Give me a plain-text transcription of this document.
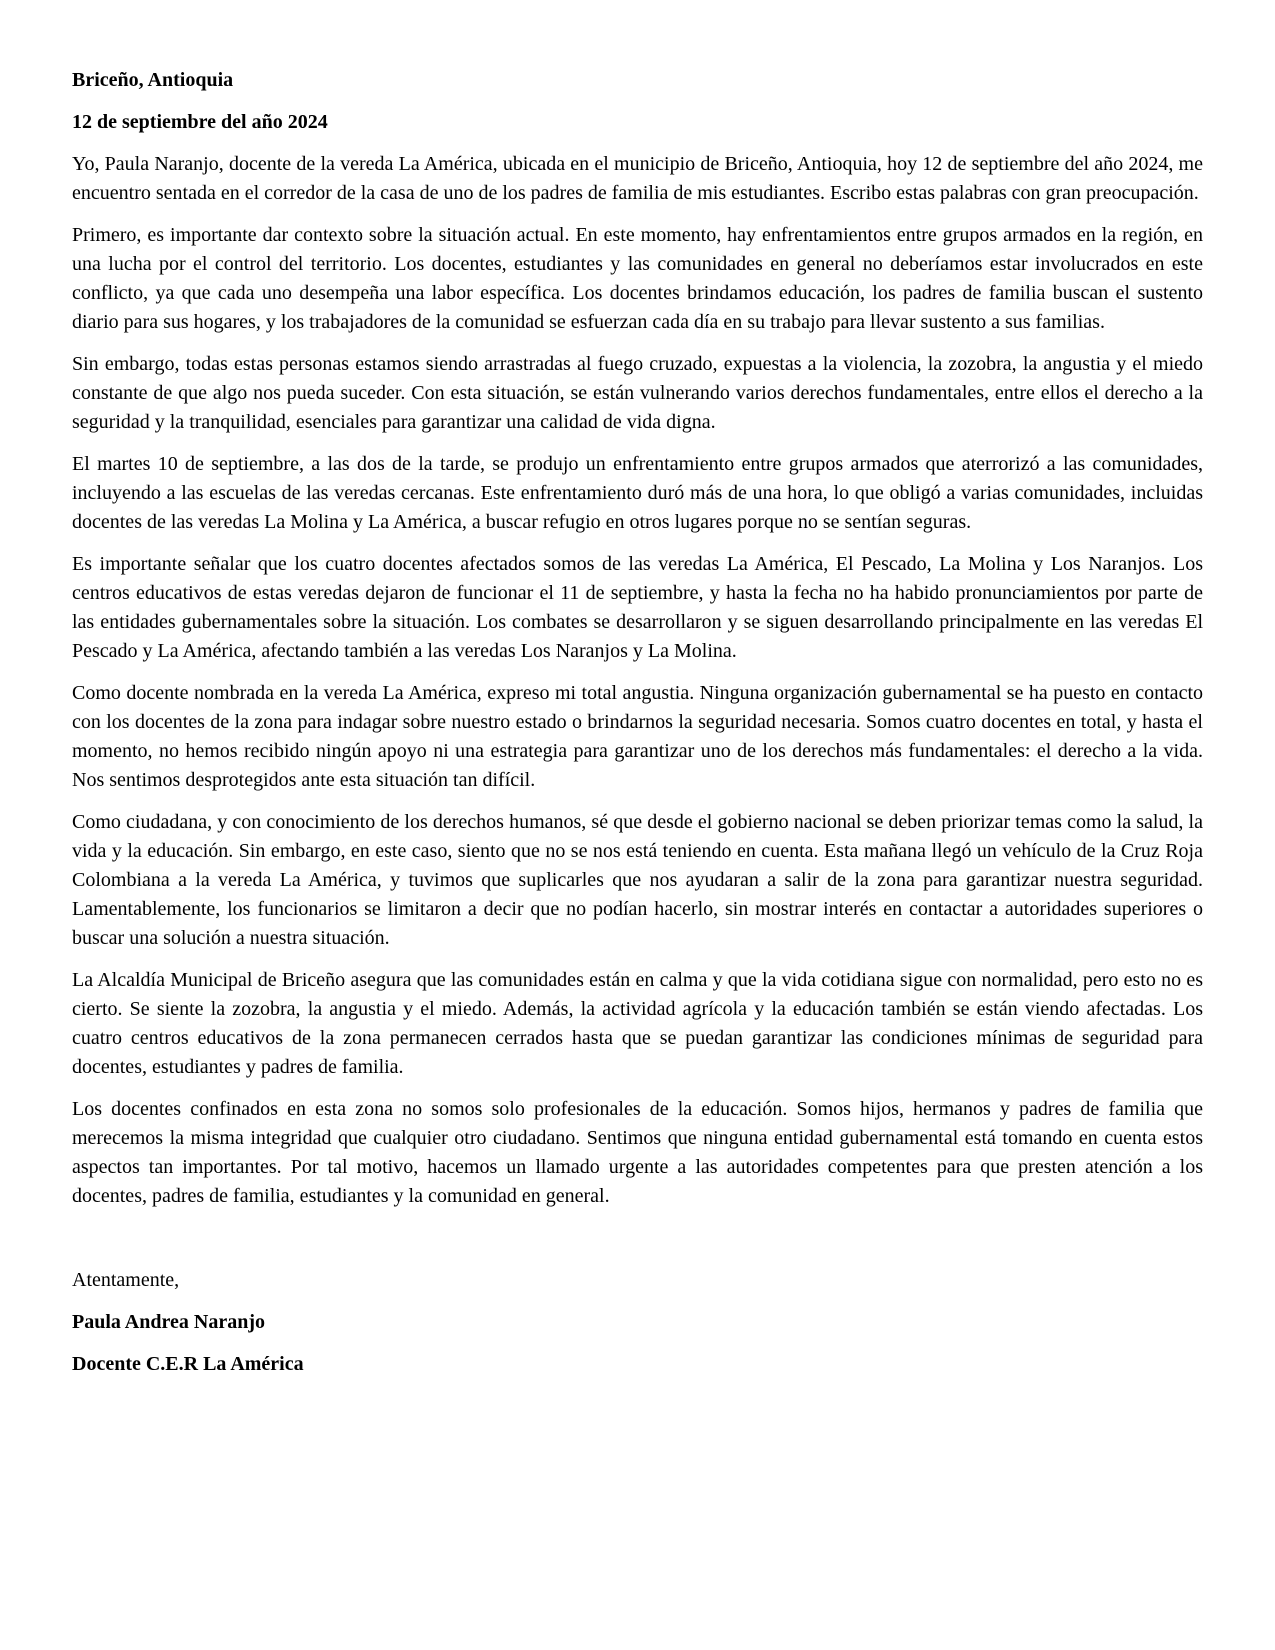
Briceño, Antioquia

12 de septiembre del año 2024

Yo, Paula Naranjo, docente de la vereda La América, ubicada en el municipio de Briceño, Antioquia, hoy 12 de septiembre del año 2024, me encuentro sentada en el corredor de la casa de uno de los padres de familia de mis estudiantes. Escribo estas palabras con gran preocupación.

Primero, es importante dar contexto sobre la situación actual. En este momento, hay enfrentamientos entre grupos armados en la región, en una lucha por el control del territorio. Los docentes, estudiantes y las comunidades en general no deberíamos estar involucrados en este conflicto, ya que cada uno desempeña una labor específica. Los docentes brindamos educación, los padres de familia buscan el sustento diario para sus hogares, y los trabajadores de la comunidad se esfuerzan cada día en su trabajo para llevar sustento a sus familias.

Sin embargo, todas estas personas estamos siendo arrastradas al fuego cruzado, expuestas a la violencia, la zozobra, la angustia y el miedo constante de que algo nos pueda suceder. Con esta situación, se están vulnerando varios derechos fundamentales, entre ellos el derecho a la seguridad y la tranquilidad, esenciales para garantizar una calidad de vida digna.

El martes 10 de septiembre, a las dos de la tarde, se produjo un enfrentamiento entre grupos armados que aterrorizó a las comunidades, incluyendo a las escuelas de las veredas cercanas. Este enfrentamiento duró más de una hora, lo que obligó a varias comunidades, incluidas docentes de las veredas La Molina y La América, a buscar refugio en otros lugares porque no se sentían seguras.

Es importante señalar que los cuatro docentes afectados somos de las veredas La América, El Pescado, La Molina y Los Naranjos. Los centros educativos de estas veredas dejaron de funcionar el 11 de septiembre, y hasta la fecha no ha habido pronunciamientos por parte de las entidades gubernamentales sobre la situación. Los combates se desarrollaron y se siguen desarrollando principalmente en las veredas El Pescado y La América, afectando también a las veredas Los Naranjos y La Molina.

Como docente nombrada en la vereda La América, expreso mi total angustia. Ninguna organización gubernamental se ha puesto en contacto con los docentes de la zona para indagar sobre nuestro estado o brindarnos la seguridad necesaria. Somos cuatro docentes en total, y hasta el momento, no hemos recibido ningún apoyo ni una estrategia para garantizar uno de los derechos más fundamentales: el derecho a la vida. Nos sentimos desprotegidos ante esta situación tan difícil.

Como ciudadana, y con conocimiento de los derechos humanos, sé que desde el gobierno nacional se deben priorizar temas como la salud, la vida y la educación. Sin embargo, en este caso, siento que no se nos está teniendo en cuenta. Esta mañana llegó un vehículo de la Cruz Roja Colombiana a la vereda La América, y tuvimos que suplicarles que nos ayudaran a salir de la zona para garantizar nuestra seguridad. Lamentablemente, los funcionarios se limitaron a decir que no podían hacerlo, sin mostrar interés en contactar a autoridades superiores o buscar una solución a nuestra situación.

La Alcaldía Municipal de Briceño asegura que las comunidades están en calma y que la vida cotidiana sigue con normalidad, pero esto no es cierto. Se siente la zozobra, la angustia y el miedo. Además, la actividad agrícola y la educación también se están viendo afectadas. Los cuatro centros educativos de la zona permanecen cerrados hasta que se puedan garantizar las condiciones mínimas de seguridad para docentes, estudiantes y padres de familia.

Los docentes confinados en esta zona no somos solo profesionales de la educación. Somos hijos, hermanos y padres de familia que merecemos la misma integridad que cualquier otro ciudadano. Sentimos que ninguna entidad gubernamental está tomando en cuenta estos aspectos tan importantes. Por tal motivo, hacemos un llamado urgente a las autoridades competentes para que presten atención a los docentes, padres de familia, estudiantes y la comunidad en general.

Atentamente,

Paula Andrea Naranjo

Docente C.E.R La América
